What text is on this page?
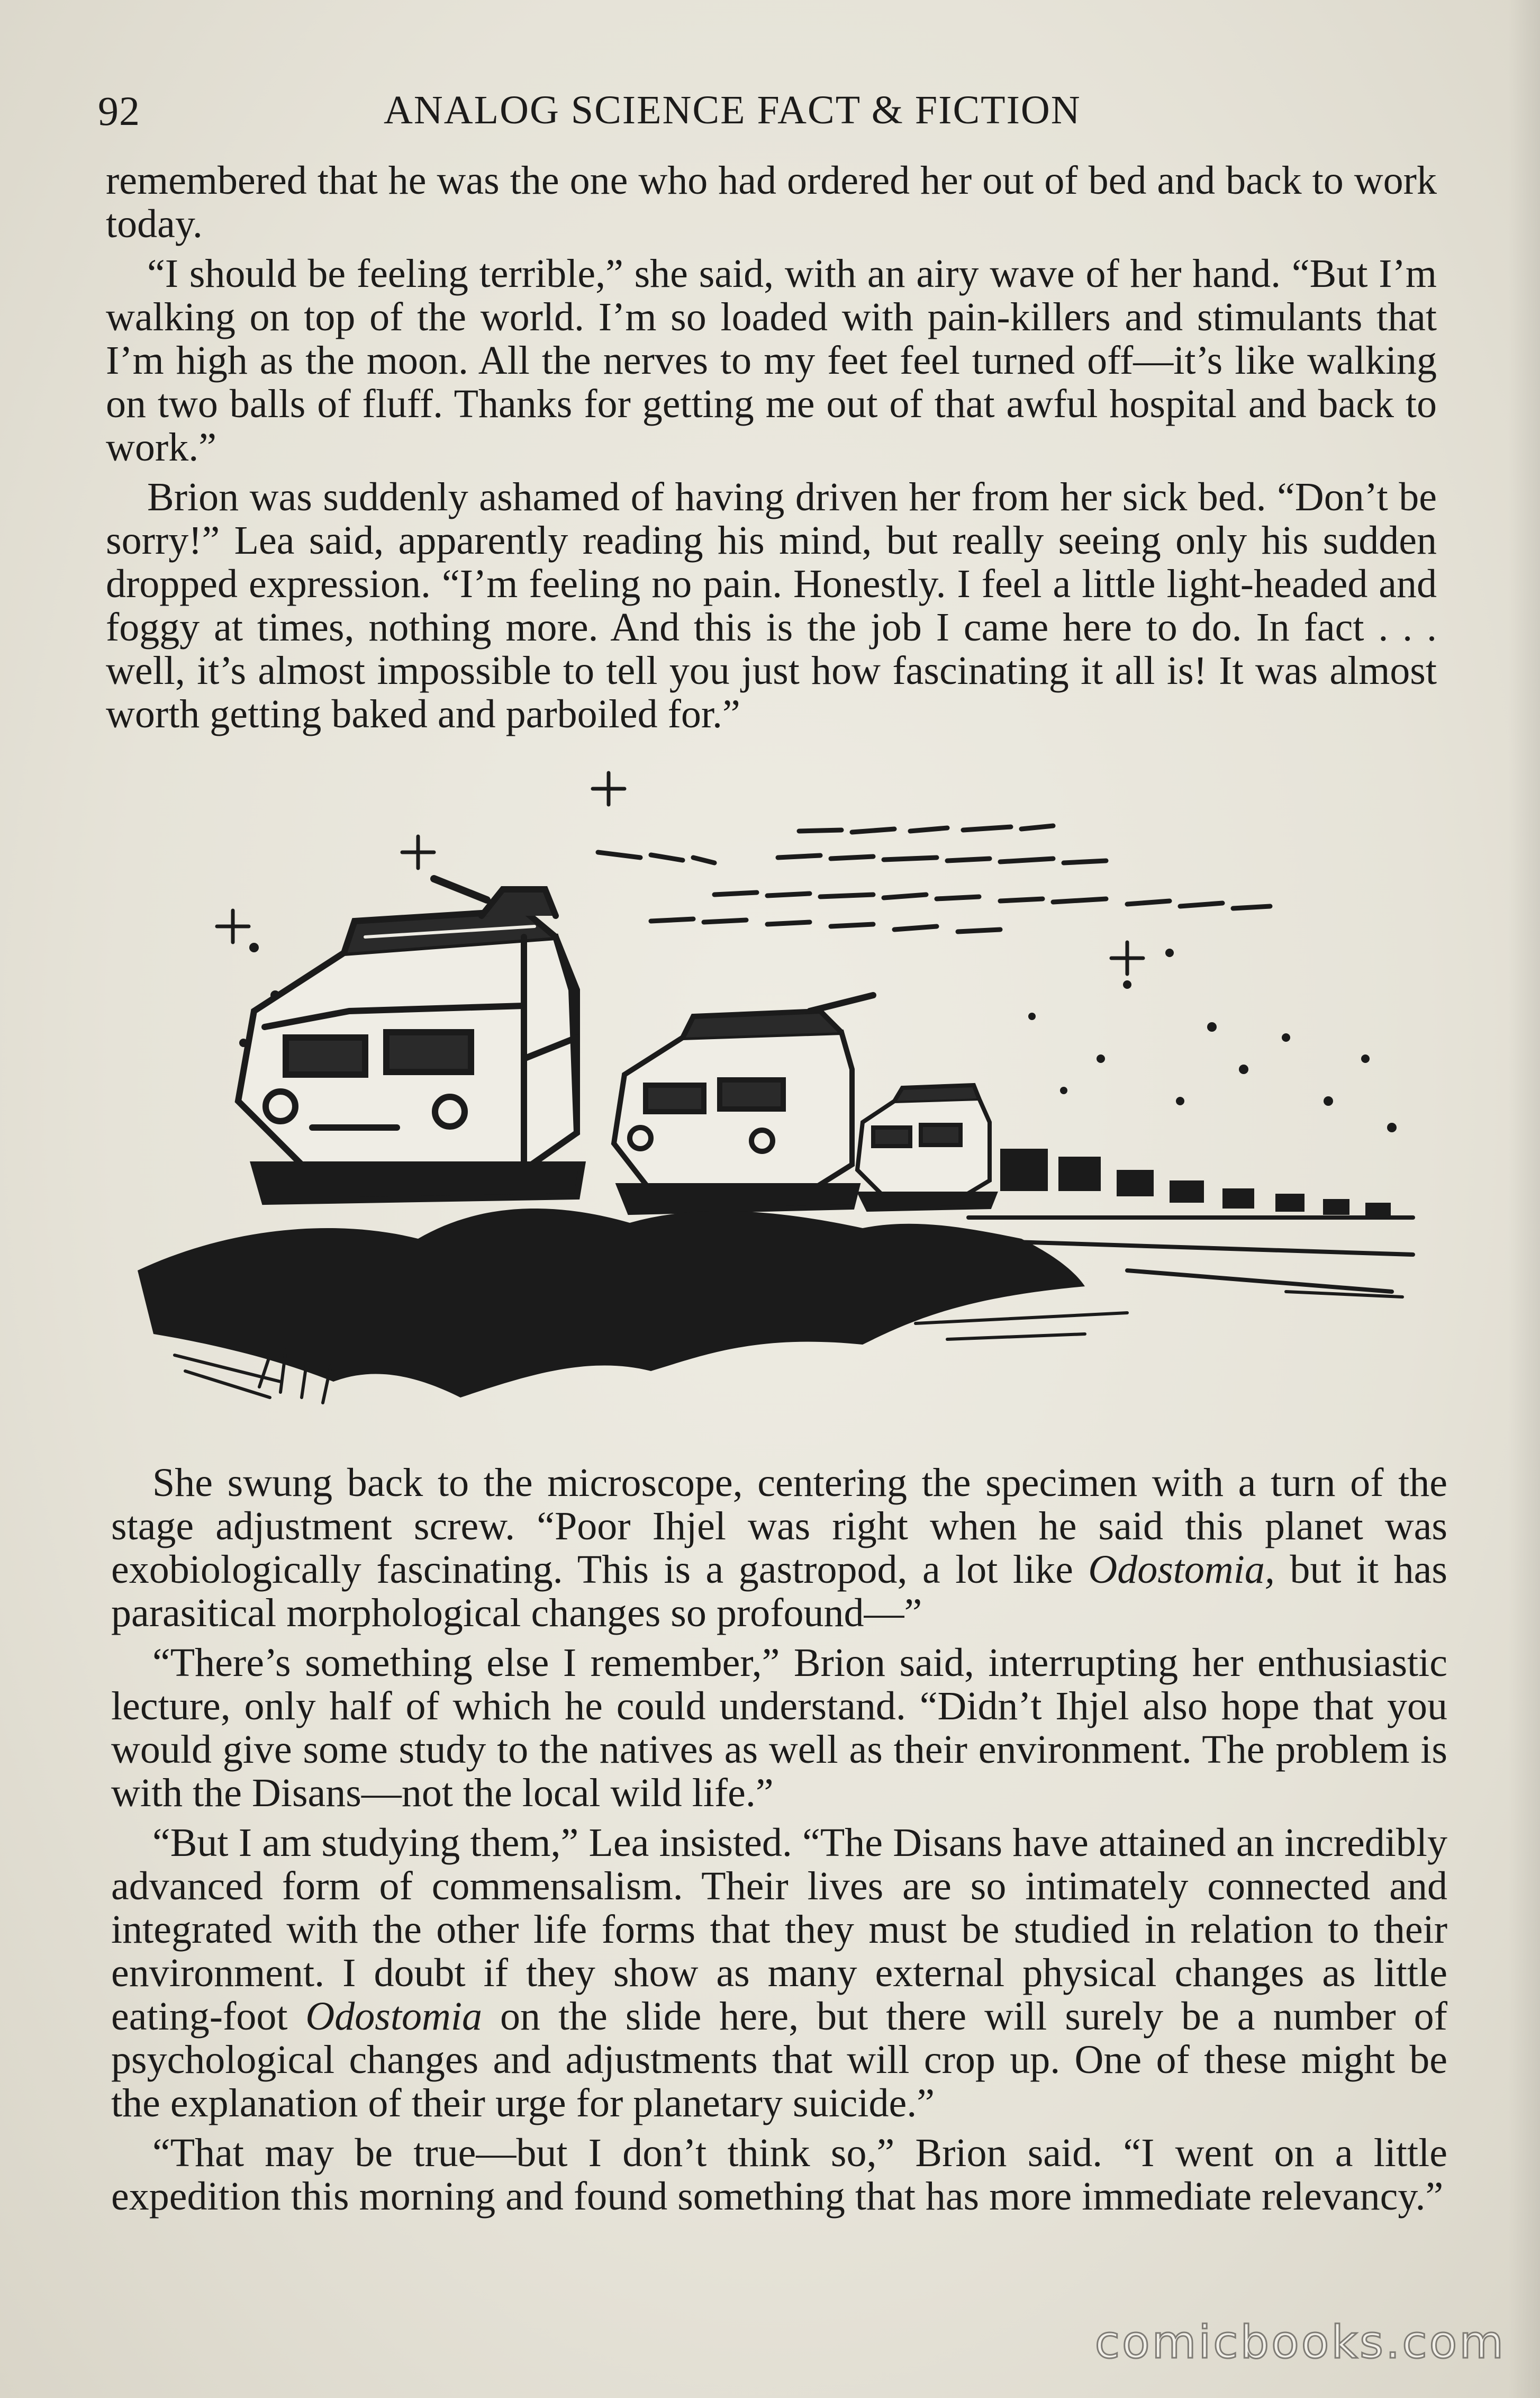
92	ANALOG SCIENCE FACT & FICTION

remembered that he was the one who had ordered her out of bed and back to work today.

“I should be feeling terrible,” she said, with an airy wave of her hand. “But I’m walking on top of the world. I’m so loaded with pain-killers and stimulants that I’m high as the moon. All the nerves to my feet feel turned off—it’s like walking on two balls of fluff. Thanks for getting me out of that awful hospital and back to work.”

Brion was suddenly ashamed of having driven her from her sick bed. “Don’t be sorry!” Lea said, apparently reading his mind, but really seeing only his sudden dropped expression. “I’m feeling no pain. Honestly. I feel a little light-headed and foggy at times, nothing more. And this is the job I came here to do. In fact . . . well, it’s almost impossible to tell you just how fascinating it all is! It was almost worth getting baked and parboiled for.”

She swung back to the microscope, centering the specimen with a turn of the stage adjustment screw. “Poor Ihjel was right when he said this planet was exobiologically fascinating. This is a gastropod, a lot like Odostomia, but it has parasitical morphological changes so profound—”

“There’s something else I remember,” Brion said, interrupting her enthusiastic lecture, only half of which he could understand. “Didn’t Ihjel also hope that you would give some study to the natives as well as their environment. The problem is with the Disans—not the local wild life.”

“But I am studying them,” Lea insisted. “The Disans have attained an incredibly advanced form of commensalism. Their lives are so intimately connected and integrated with the other life forms that they must be studied in relation to their environment. I doubt if they show as many external physical changes as little eating-foot Odostomia on the slide here, but there will surely be a number of psychological changes and adjustments that will crop up. One of these might be the explanation of their urge for planetary suicide.”

“That may be true—but I don’t think so,” Brion said. “I went on a little expedition this morning and found something that has more immediate relevancy.”

comicbooks.com
